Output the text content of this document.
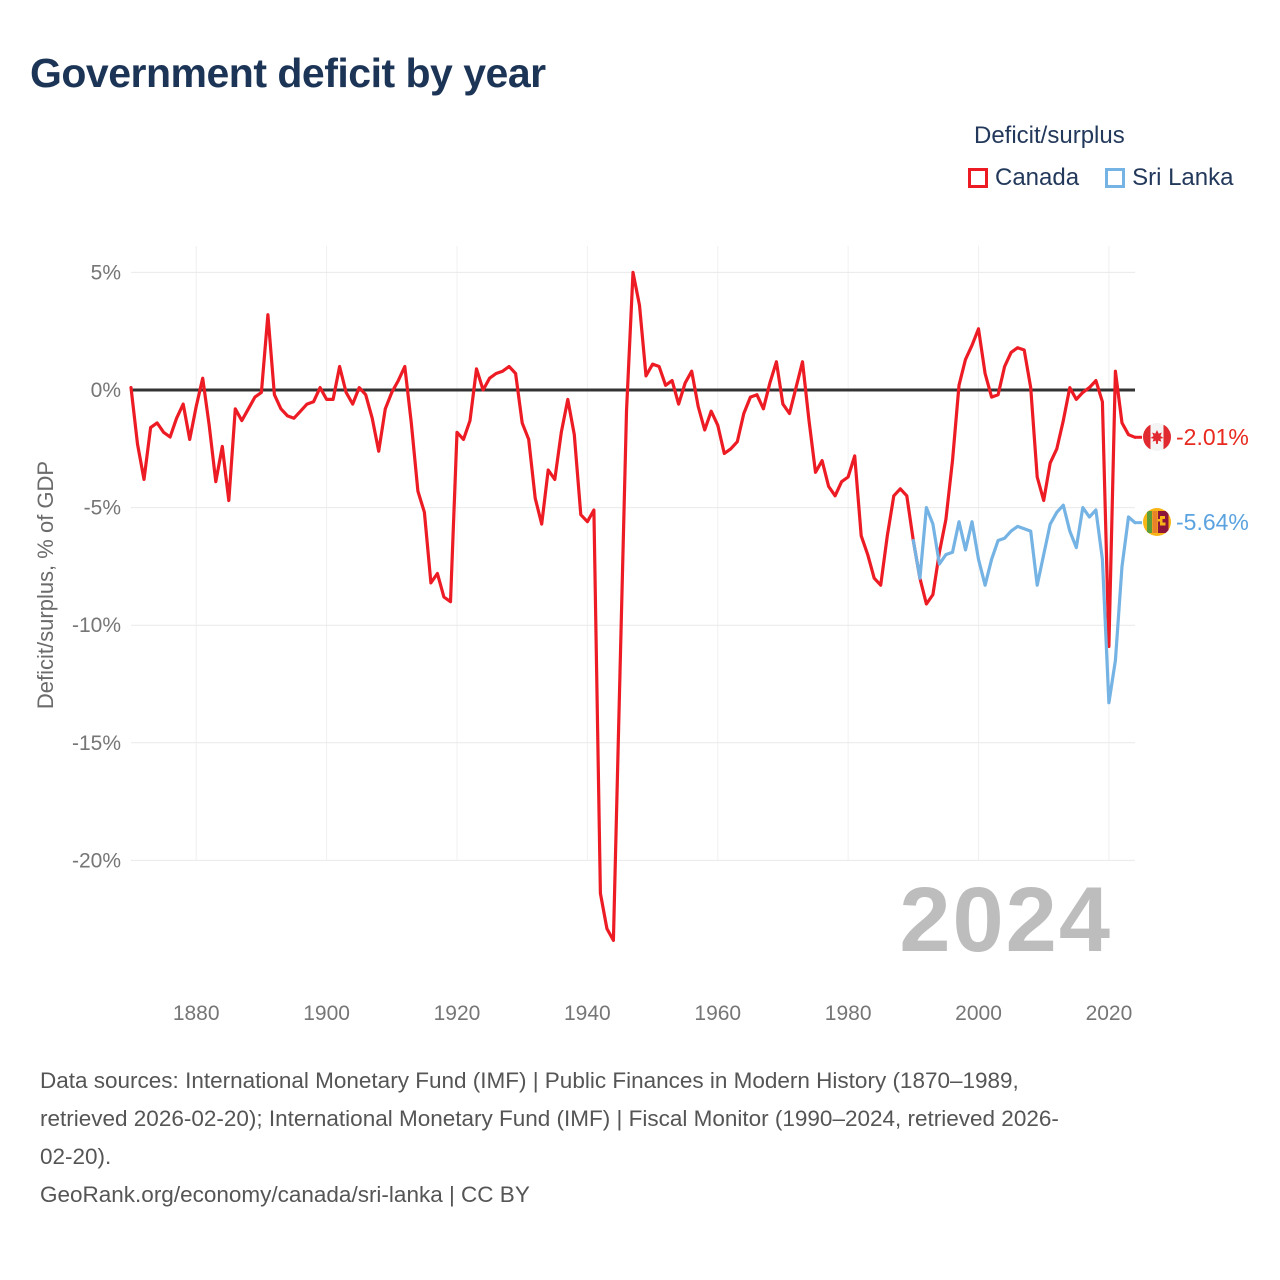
2024
1880	1900	1920	1940	1960	1980	2000	2020
5%
0%
-5%
-10%
-15%
-20%
Government deficit by year
Deficit/surplus
Canada Sri Lanka
Deficit/surplus, % of GDP
-2.01%
-5.64%
Data sources: International Monetary Fund (IMF) | Public Finances in Modern History (1870–1989,
retrieved 2026-02-20); International Monetary Fund (IMF) | Fiscal Monitor (1990–2024, retrieved 2026-
02-20).
GeoRank.org/economy/canada/sri-lanka | CC BY
